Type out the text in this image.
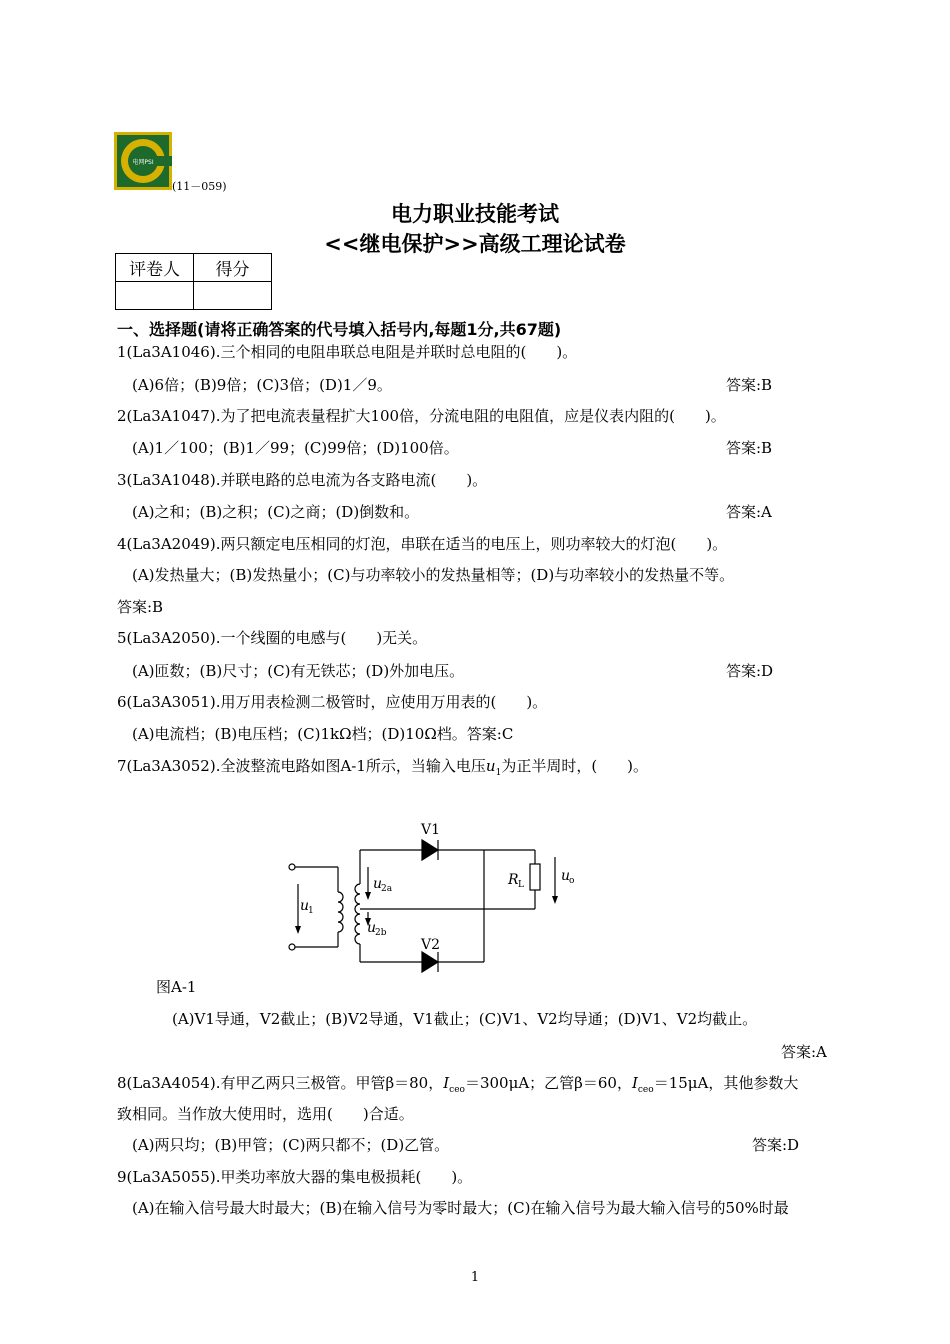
电网PSI
(11－059)
电力职业技能考试
<<继电保护>>高级工理论试卷
评卷人	得分

一、选择题(请将正确答案的代号填入括号内,每题1分,共67题)
1(La3A1046).三个相同的电阻串联总电阻是并联时总电阻的(　　)。
(A)6倍；(B)9倍；(C)3倍；(D)1／9。	答案:B
2(La3A1047).为了把电流表量程扩大100倍，分流电阻的电阻值，应是仪表内阻的(　　)。
(A)1／100；(B)1／99；(C)99倍；(D)100倍。	答案:B
3(La3A1048).并联电路的总电流为各支路电流(　　)。
(A)之和；(B)之积；(C)之商；(D)倒数和。	答案:A
4(La3A2049).两只额定电压相同的灯泡，串联在适当的电压上，则功率较大的灯泡(　　)。
(A)发热量大；(B)发热量小；(C)与功率较小的发热量相等；(D)与功率较小的发热量不等。
答案:B
5(La3A2050).一个线圈的电感与(　　)无关。
(A)匝数；(B)尺寸；(C)有无铁芯；(D)外加电压。	答案:D
6(La3A3051).用万用表检测二极管时，应使用万用表的(　　)。
(A)电流档；(B)电压档；(C)1kΩ档；(D)10Ω档。答案:C
7(La3A3052).全波整流电路如图A-1所示，当输入电压$u_1$为正半周时，(　　)。
V1
V2
R L
u
o
u
1
u
2a
u
2b
图A-1
(A)V1导通，V2截止；(B)V2导通，V1截止；(C)V1、V2均导通；(D)V1、V2均截止。
答案:A
8(La3A4054).有甲乙两只三极管。甲管β＝80，$I_{ceo}=300\mu A$；乙管β＝60，$I_{ceo}=15\mu A$，其他参数大
致相同。当作放大使用时，选用(　　)合适。
(A)两只均；(B)甲管；(C)两只都不；(D)乙管。	答案:D
9(La3A5055).甲类功率放大器的集电极损耗(　　)。
(A)在输入信号最大时最大；(B)在输入信号为零时最大；(C)在输入信号为最大输入信号的50%时最
1
